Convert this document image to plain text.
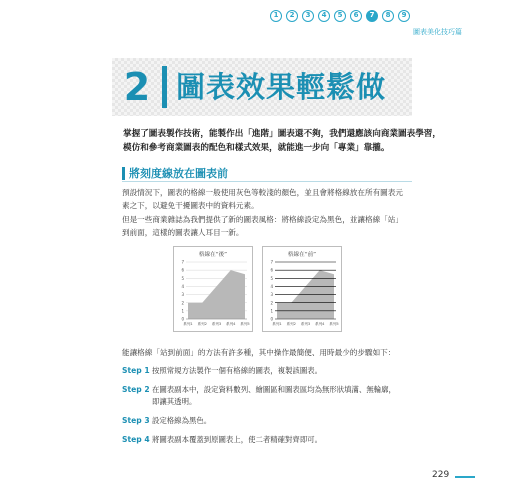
1	2	3	4	5	6	7	8	9
圖表美化技巧篇
2 圖表效果輕鬆做
掌握了圖表製作技術，能製作出「進階」圖表還不夠，我們還應該向商業圖表學習，
模仿和參考商業圖表的配色和樣式效果，就能進一步向「專業」靠攏。
將刻度線放在圖表前
預設情況下，圖表的格線一般使用灰色等較淺的顏色，並且會將格線放在所有圖表元
素之下，以避免干擾圖表中的資料元素。
但是一些商業雜誌為我們提供了新的圖表風格：將格線設定為黑色，並讓格線「站」
到前面，這樣的圖表讓人耳目一新。
格線在“後”
0
1
2
3
4
5
6
7
系列1 系列2 系列3 系列4 系列5
格線在“前”
0
1
2
3
4
5
6
7
系列1 系列2 系列3 系列4 系列5
能讓格線「站到前面」的方法有許多種，其中操作最簡便、用時最少的步驟如下：
Step 1 按照常規方法製作一個有格線的圖表，複製該圖表。
Step 2 在圖表副本中，設定資料數列、繪圖區和圖表區均為無形狀填滿、無輪廓，
即讓其透明。
Step 3 設定格線為黑色。
Step 4 將圖表副本覆蓋到原圖表上，使二者精確對齊即可。
229
